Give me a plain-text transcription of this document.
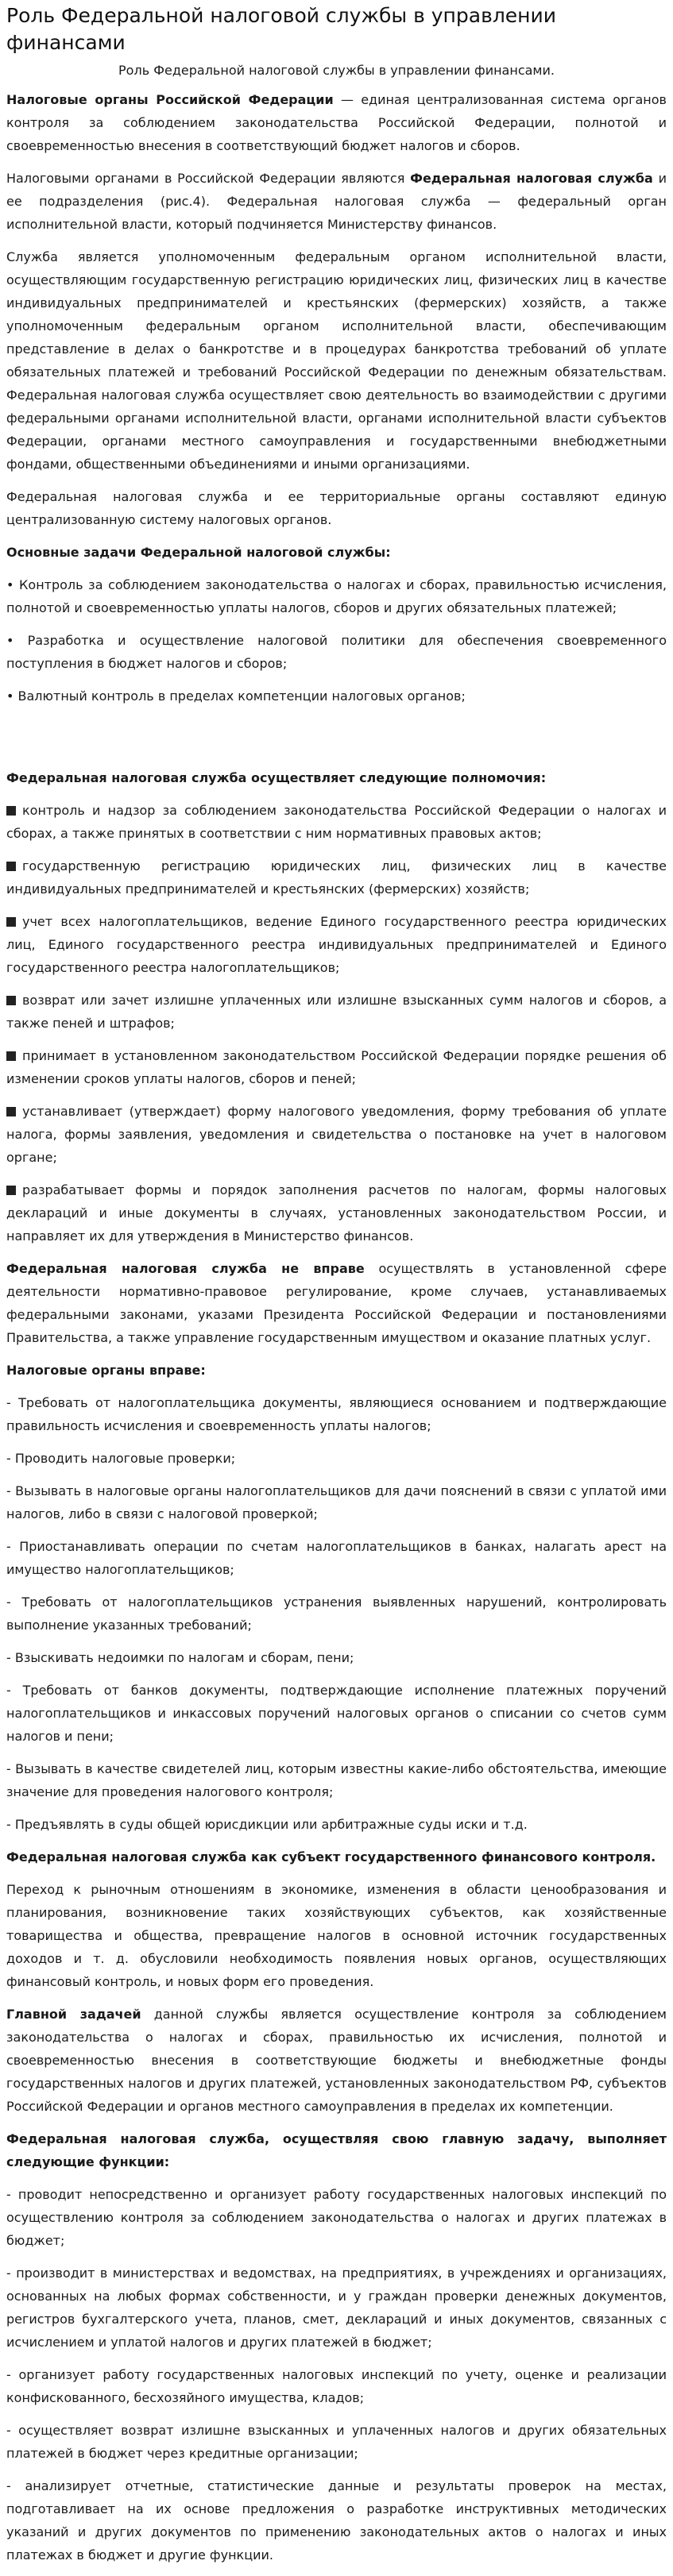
Роль Федеральной налоговой службы в управлении финансами
Роль Федеральной налоговой службы в управлении финансами.

Налоговые органы Российской Федерации — единая централизованная система органов контроля за соблюдением законодательства Российской Федерации, полнотой и своевременностью внесения в соответствующий бюджет налогов и сборов.

Налоговыми органами в Российской Федерации являются Федеральная налоговая служба и ее подразделения (рис.4). Федеральная налоговая служба — федеральный орган исполнительной власти, который подчиняется Министерству финансов.

Служба является уполномоченным федеральным органом исполнительной власти, осуществляющим государственную регистрацию юридических лиц, физических лиц в качестве индивидуальных предпринимателей и крестьянских (фермерских) хозяйств, а также уполномоченным федеральным органом исполнительной власти, обеспечивающим представление в делах о банкротстве и в процедурах банкротства требований об уплате обязательных платежей и требований Российской Федерации по денежным обязательствам. Федеральная налоговая служба осуществляет свою деятельность во взаимодействии с другими федеральными органами исполнительной власти, органами исполнительной власти субъектов Федерации, органами местного самоуправления и государственными внебюджетными фондами, общественными объединениями и иными организациями.

Федеральная налоговая служба и ее территориальные органы составляют единую централизованную систему налоговых органов.

Основные задачи Федеральной налоговой службы:

• Контроль за соблюдением законодательства о налогах и сборах, правильностью исчисления, полнотой и своевременностью уплаты налогов, сборов и других обязательных платежей;

• Разработка и осуществление налоговой политики для обеспечения своевременного поступления в бюджет налогов и сборов;

• Валютный контроль в пределах компетенции налоговых органов;

Федеральная налоговая служба осуществляет следующие полномочия:

контроль и надзор за соблюдением законодательства Российской Федерации о налогах и сборах, а также принятых в соответствии с ним нормативных правовых актов;

государственную регистрацию юридических лиц, физических лиц в качестве индивидуальных предпринимателей и крестьянских (фермерских) хозяйств;

учет всех налогоплательщиков, ведение Единого государственного реестра юридических лиц, Единого государственного реестра индивидуальных предпринимателей и Единого государственного реестра налогоплательщиков;

возврат или зачет излишне уплаченных или излишне взысканных сумм налогов и сборов, а также пеней и штрафов;

принимает в установленном законодательством Российской Федерации порядке решения об изменении сроков уплаты налогов, сборов и пеней;

устанавливает (утверждает) форму налогового уведомления, форму требования об уплате налога, формы заявления, уведомления и свидетельства о постановке на учет в налоговом органе;

разрабатывает формы и порядок заполнения расчетов по налогам, формы налоговых деклараций и иные документы в случаях, установленных законодательством России, и направляет их для утверждения в Министерство финансов.

Федеральная налоговая служба не вправе осуществлять в установленной сфере деятельности нормативно-правовое регулирование, кроме случаев, устанавливаемых федеральными законами, указами Президента Российской Федерации и постановлениями Правительства, а также управление государственным имуществом и оказание платных услуг.

Налоговые органы вправе:

- Требовать от налогоплательщика документы, являющиеся основанием и подтверждающие правильность исчисления и своевременность уплаты налогов;

- Проводить налоговые проверки;

- Вызывать в налоговые органы налогоплательщиков для дачи пояснений в связи с уплатой ими налогов, либо в связи с налоговой проверкой;

- Приостанавливать операции по счетам налогоплательщиков в банках, налагать арест на имущество налогоплательщиков;

- Требовать от налогоплательщиков устранения выявленных нарушений, контролировать выполнение указанных требований;

- Взыскивать недоимки по налогам и сборам, пени;

- Требовать от банков документы, подтверждающие исполнение платежных поручений налогоплательщиков и инкассовых поручений налоговых органов о списании со счетов сумм налогов и пени;

- Вызывать в качестве свидетелей лиц, которым известны какие-либо обстоятельства, имеющие значение для проведения налогового контроля;

- Предъявлять в суды общей юрисдикции или арбитражные суды иски и т.д.

Федеральная налоговая служба как субъект государственного финансового контроля.

Переход к рыночным отношениям в экономике, изменения в области ценообразования и планирования, возникновение таких хозяйствующих субъектов, как хозяйственные товарищества и общества, превращение налогов в основной источник государственных доходов и т. д. обусловили необходимость появления новых органов, осуществляющих финансовый контроль, и новых форм его проведения.

Главной задачей данной службы является осуществление контроля за соблюдением законодательства о налогах и сборах, правильностью их исчисления, полнотой и своевременностью внесения в соответствующие бюджеты и внебюджетные фонды государственных налогов и других платежей, установленных законодательством РФ, субъектов Российской Федерации и органов местного самоуправления в пределах их компетенции.

Федеральная налоговая служба, осуществляя свою главную задачу, выполняет следующие функции:

- проводит непосредственно и организует работу государственных налоговых инспекций по осуществлению контроля за соблюдением законодательства о налогах и других платежах в бюджет;

- производит в министерствах и ведомствах, на предприятиях, в учреждениях и организациях, основанных на любых формах собственности, и у граждан проверки денежных документов, регистров бухгалтерского учета, планов, смет, деклараций и иных документов, связанных с исчислением и уплатой налогов и других платежей в бюджет;

- организует работу государственных налоговых инспекций по учету, оценке и реализации конфискованного, бесхозяйного имущества, кладов;

- осуществляет возврат излишне взысканных и уплаченных налогов и других обязательных платежей в бюджет через кредитные организации;

- анализирует отчетные, статистические данные и результаты проверок на местах, подготавливает на их основе предложения о разработке инструктивных методических указаний и других документов по применению законодательных актов о налогах и иных платежах в бюджет и другие функции.
